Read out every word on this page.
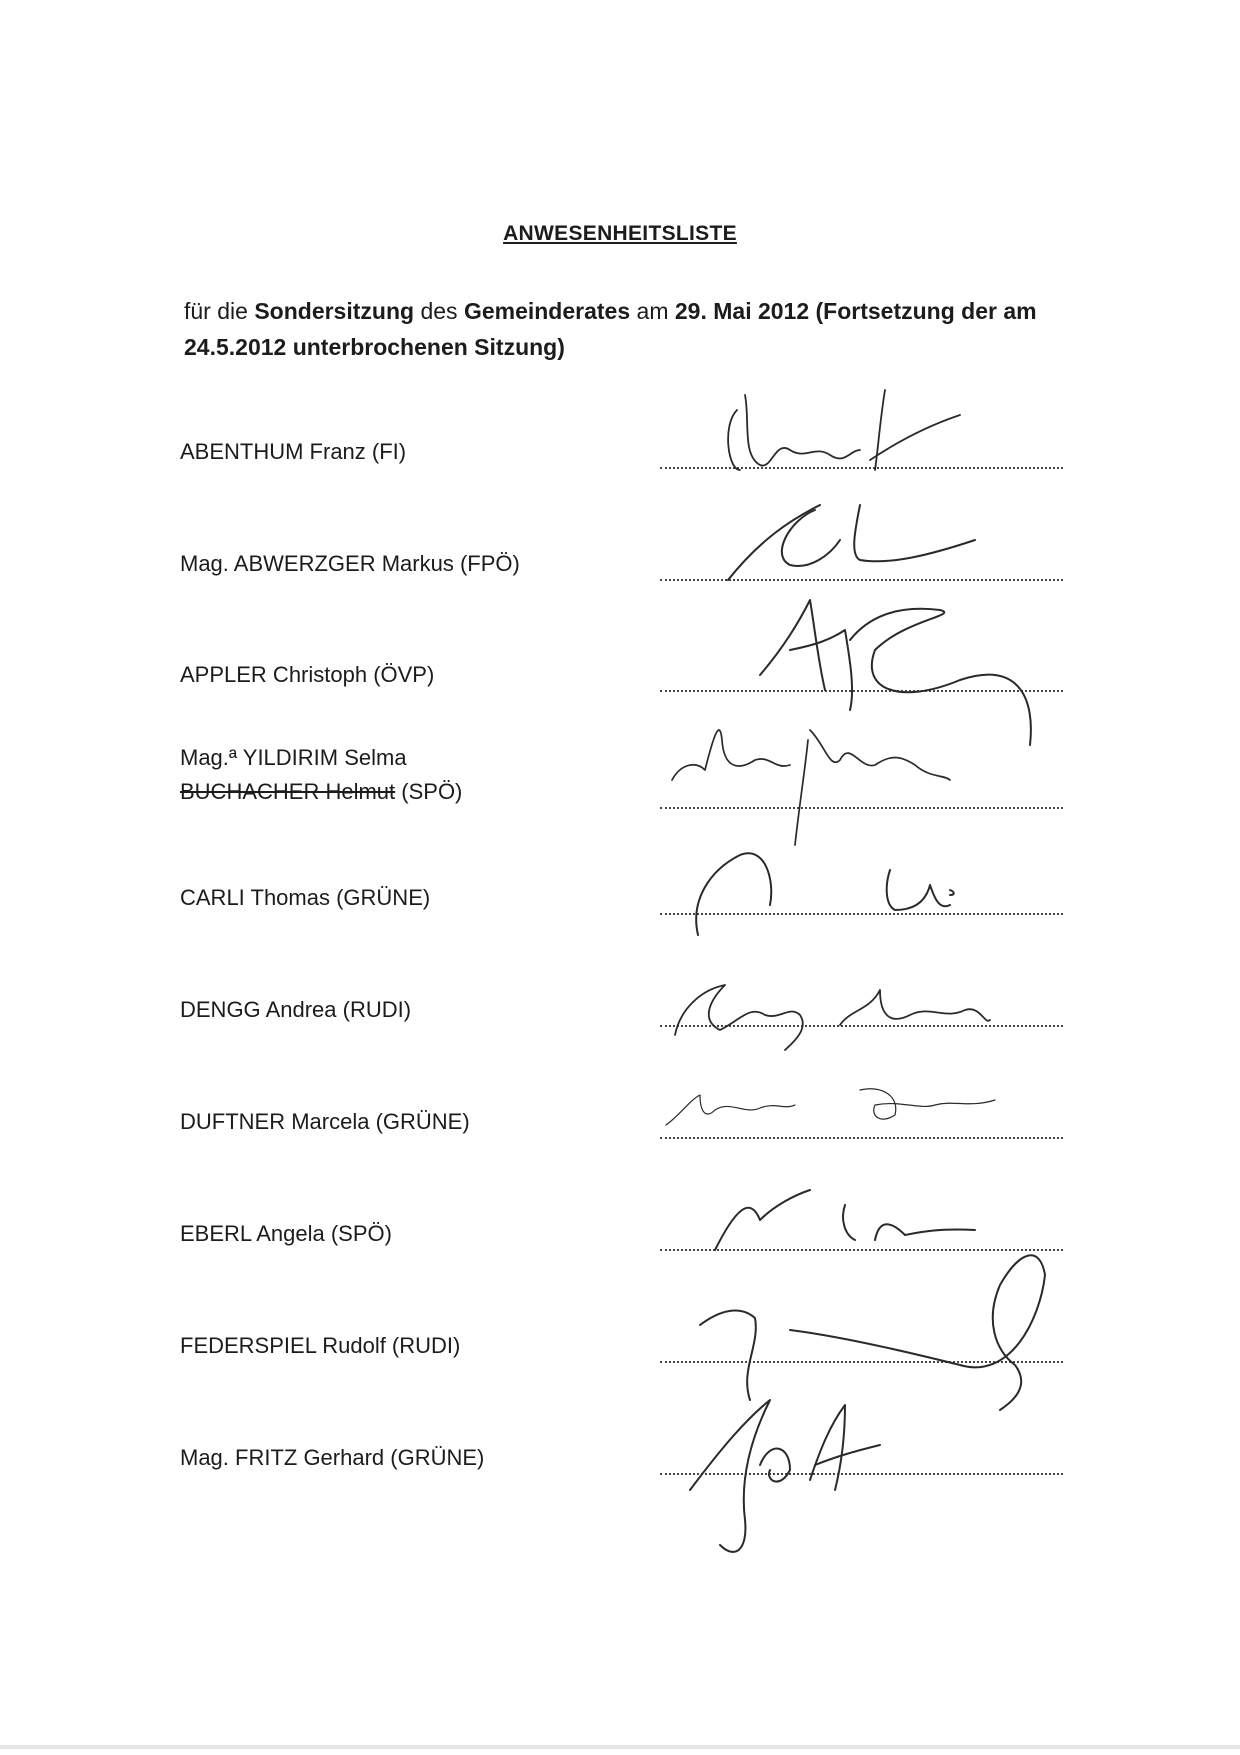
ANWESENHEITSLISTE
für die Sondersitzung des Gemeinderates am 29. Mai 2012 (Fortsetzung der am 24.5.2012 unterbrochenen Sitzung)
ABENTHUM Franz (FI)
Mag. ABWERZGER Markus (FPÖ)
APPLER Christoph (ÖVP)
Mag.ª YILDIRIM Selma
BUCHACHER Helmut (SPÖ)
CARLI Thomas (GRÜNE)
DENGG Andrea (RUDI)
DUFTNER Marcela (GRÜNE)
EBERL Angela (SPÖ)
FEDERSPIEL Rudolf (RUDI)
Mag. FRITZ Gerhard (GRÜNE)
